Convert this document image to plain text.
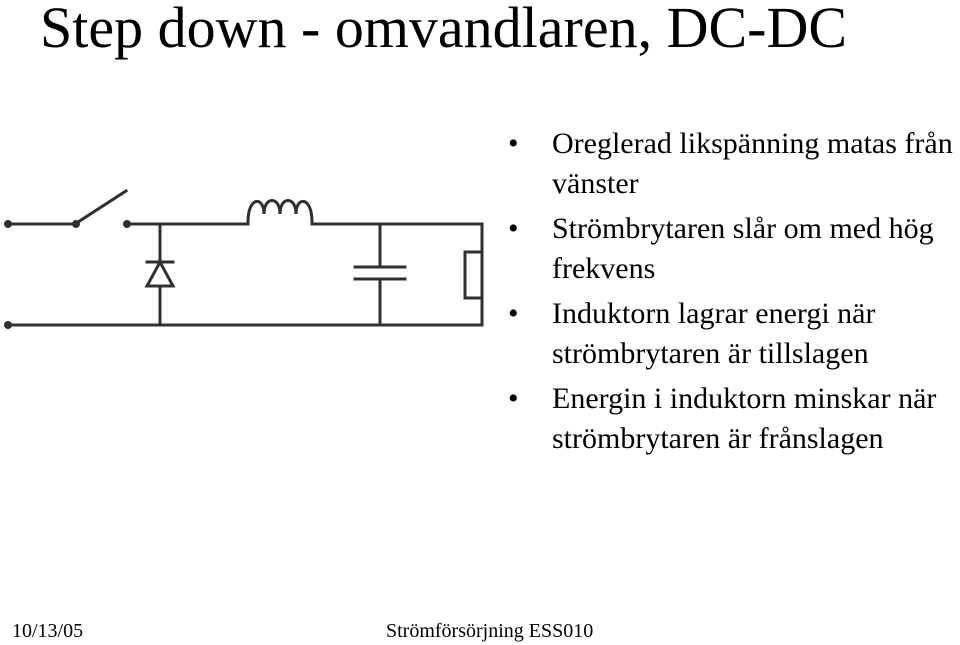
Step down - omvandlaren, DC-DC
• Oreglerad likspänning matas från vänster
• Strömbrytaren slår om med hög frekvens
• Induktorn lagrar energi när strömbrytaren är tillslagen
• Energin i induktorn minskar när strömbrytaren är frånslagen
10/13/05	Strömförsörjning ESS010
